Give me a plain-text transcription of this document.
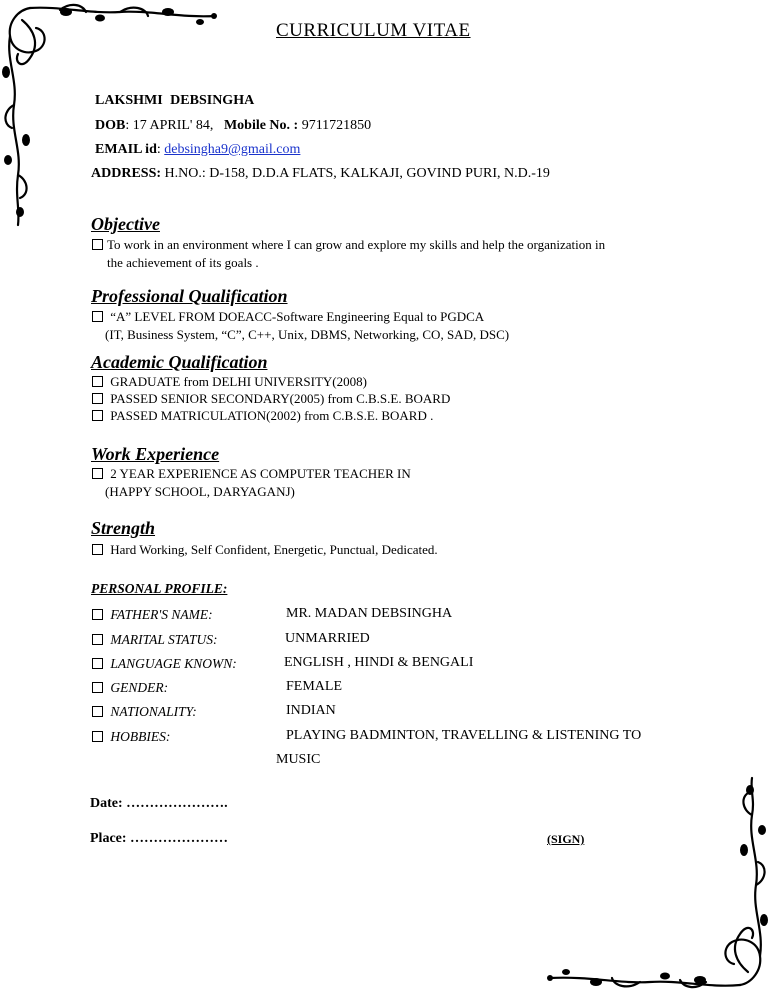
CURRICULUM VITAE
LAKSHMI DEBSINGHA
DOB: 17 APRIL' 84, Mobile No. : 9711721850
EMAIL id: debsingha9@gmail.com
ADDRESS: H.NO.: D-158, D.D.A FLATS, KALKAJI, GOVIND PURI, N.D.-19
Objective
To work in an environment where I can grow and explore my skills and help the organization in
the achievement of its goals .
Professional Qualification
“A” LEVEL FROM DOEACC-Software Engineering Equal to PGDCA
(IT, Business System, “C”, C++, Unix, DBMS, Networking, CO, SAD, DSC)
Academic Qualification
GRADUATE from DELHI UNIVERSITY(2008)
PASSED SENIOR SECONDARY(2005) from C.B.S.E. BOARD
PASSED MATRICULATION(2002) from C.B.S.E. BOARD .
Work Experience
2 YEAR EXPERIENCE AS COMPUTER TEACHER IN
(HAPPY SCHOOL, DARYAGANJ)
Strength
Hard Working, Self Confident, Energetic, Punctual, Dedicated.
PERSONAL PROFILE:
FATHER'S NAME:	MR. MADAN DEBSINGHA
MARITAL STATUS:	UNMARRIED
LANGUAGE KNOWN:	ENGLISH , HINDI & BENGALI
GENDER:	FEMALE
NATIONALITY:	INDIAN
HOBBIES:	PLAYING BADMINTON, TRAVELLING & LISTENING TO
MUSIC
Date: ………………….
Place: …………………	(SIGN)
